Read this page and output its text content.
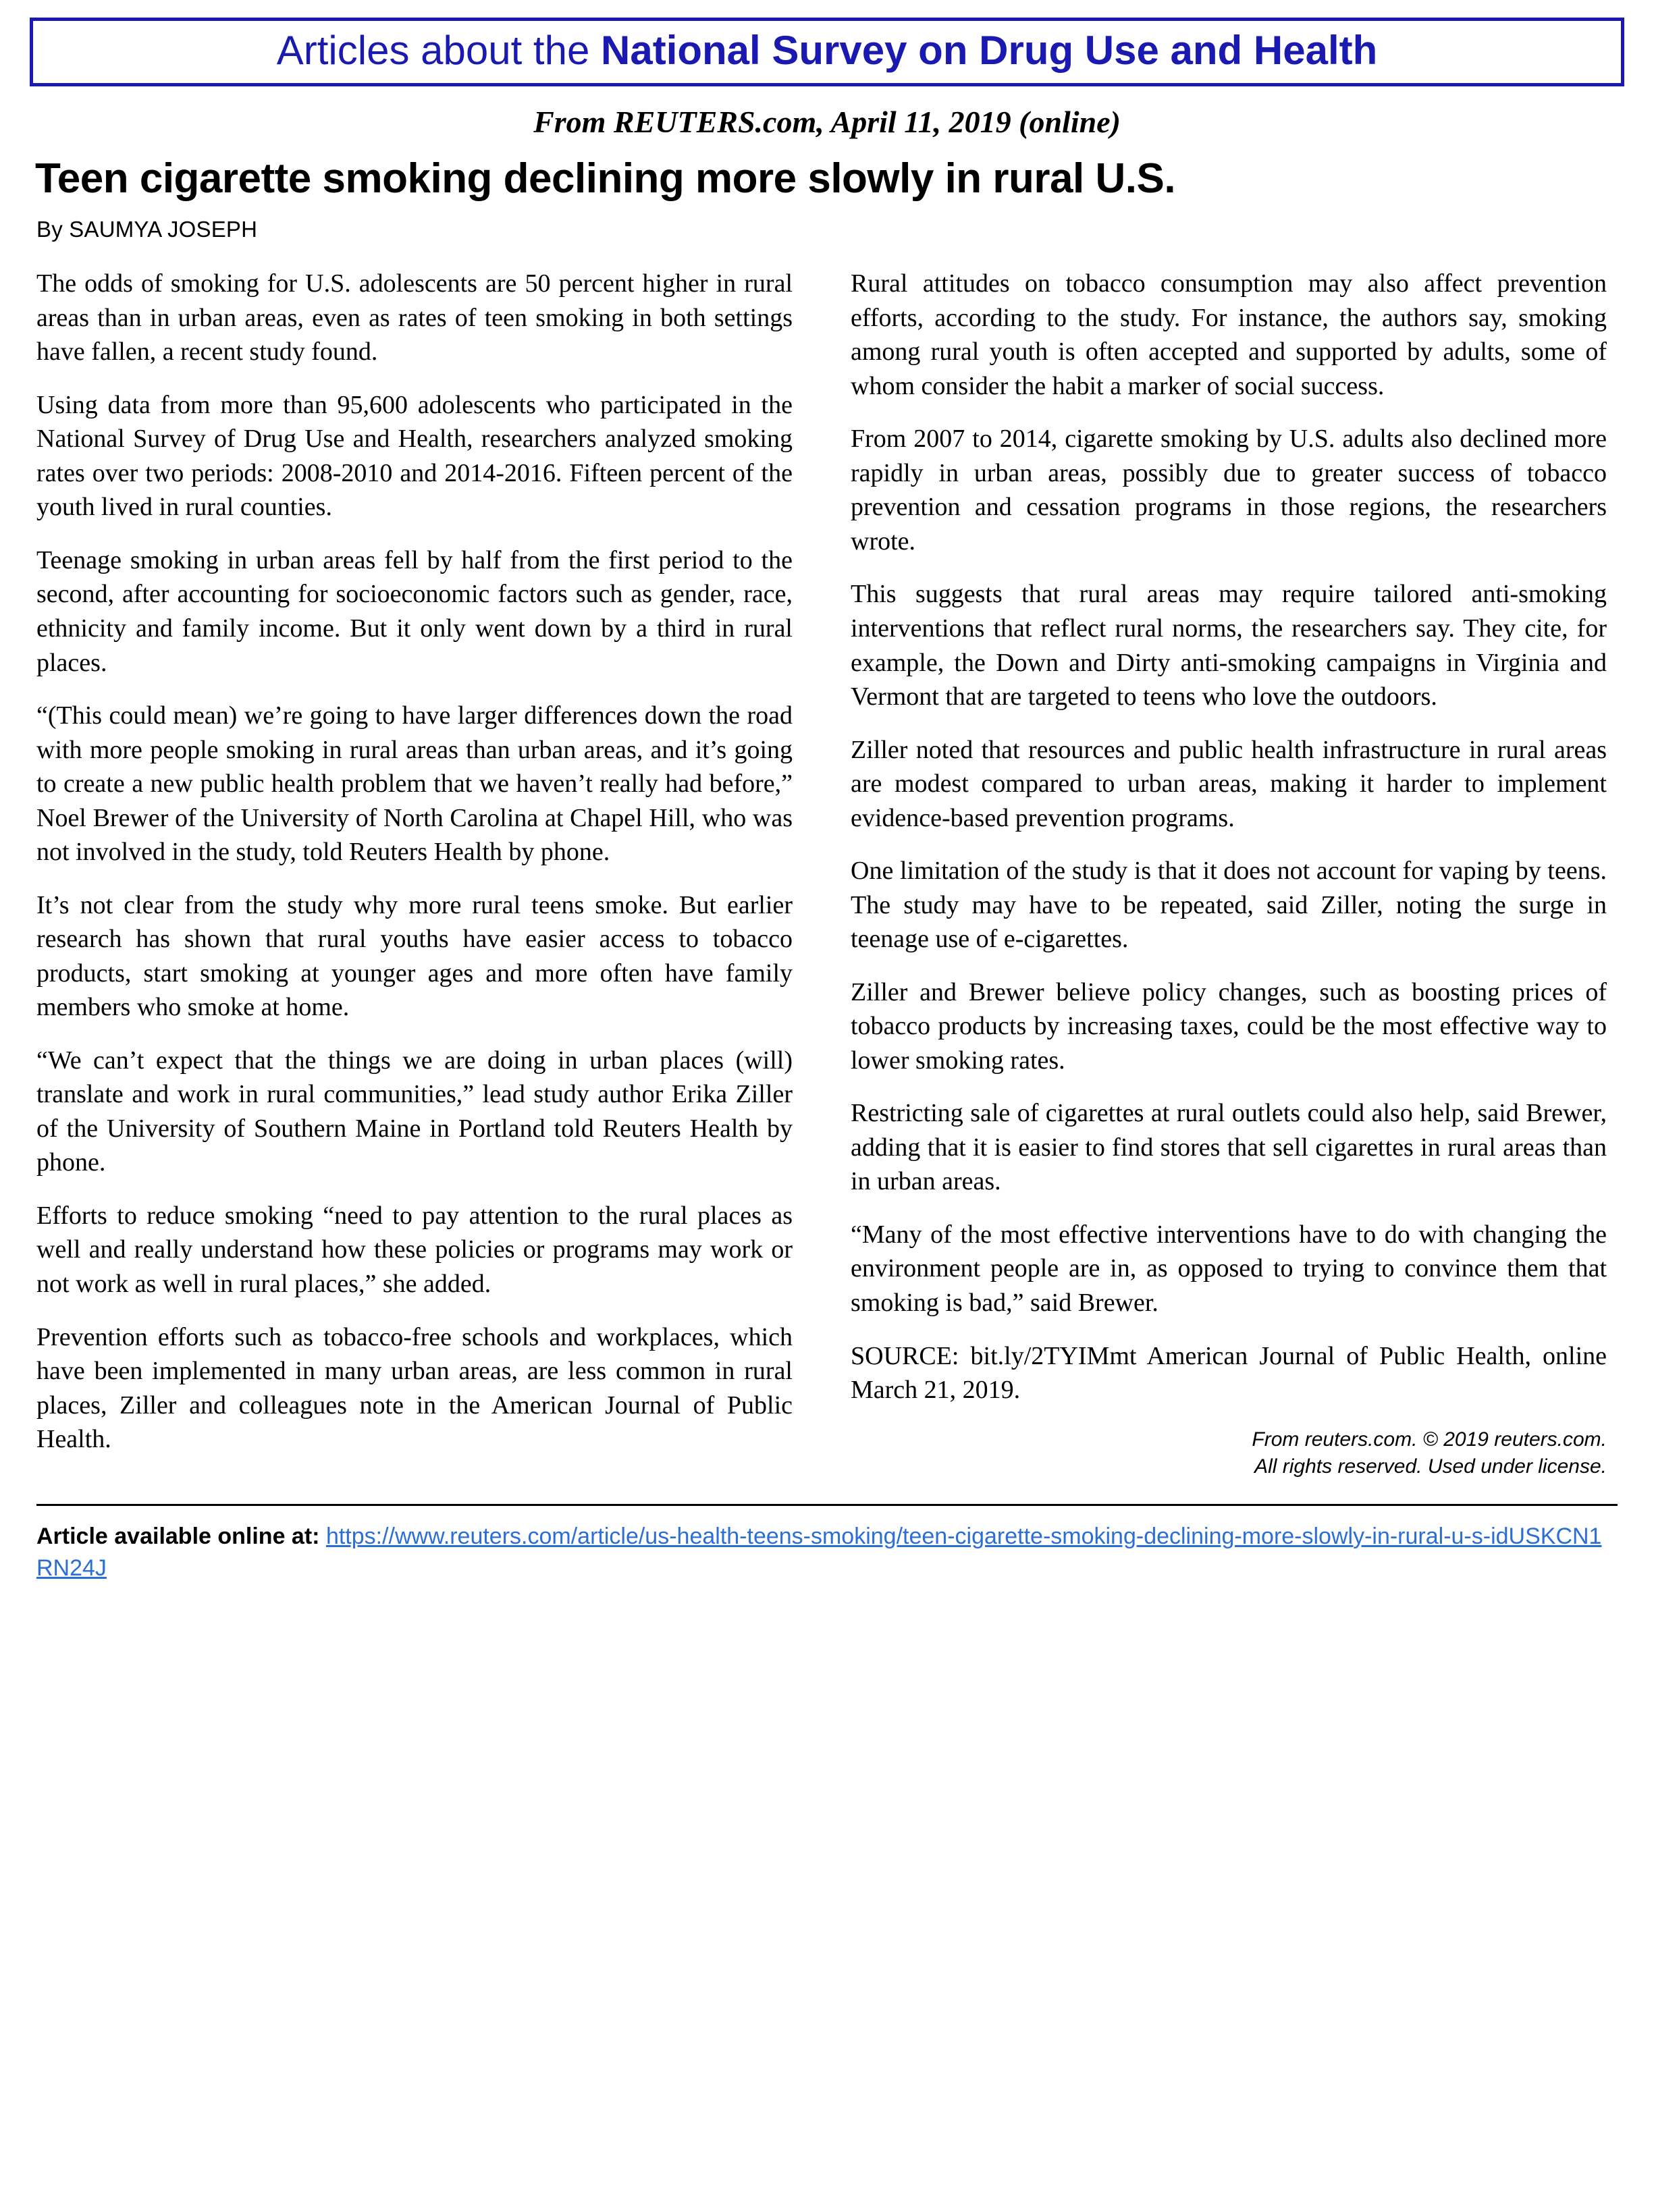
Articles about the National Survey on Drug Use and Health
From REUTERS.com, April 11, 2019 (online)
Teen cigarette smoking declining more slowly in rural U.S.
By SAUMYA JOSEPH

The odds of smoking for U.S. adolescents are 50 percent higher in rural areas than in urban areas, even as rates of teen smoking in both settings have fallen, a recent study found.

Using data from more than 95,600 adolescents who participated in the National Survey of Drug Use and Health, researchers analyzed smoking rates over two periods: 2008-2010 and 2014-2016. Fifteen percent of the youth lived in rural counties.

Teenage smoking in urban areas fell by half from the first period to the second, after accounting for socioeconomic factors such as gender, race, ethnicity and family income. But it only went down by a third in rural places.

“(This could mean) we’re going to have larger differences down the road with more people smoking in rural areas than urban areas, and it’s going to create a new public health problem that we haven’t really had before,” Noel Brewer of the University of North Carolina at Chapel Hill, who was not involved in the study, told Reuters Health by phone.

It’s not clear from the study why more rural teens smoke. But earlier research has shown that rural youths have easier access to tobacco products, start smoking at younger ages and more often have family members who smoke at home.

“We can’t expect that the things we are doing in urban places (will) translate and work in rural communities,” lead study author Erika Ziller of the University of Southern Maine in Portland told Reuters Health by phone.

Efforts to reduce smoking “need to pay attention to the rural places as well and really understand how these policies or programs may work or not work as well in rural places,” she added.

Prevention efforts such as tobacco-free schools and workplaces, which have been implemented in many urban areas, are less common in rural places, Ziller and colleagues note in the American Journal of Public Health.

Rural attitudes on tobacco consumption may also affect prevention efforts, according to the study. For instance, the authors say, smoking among rural youth is often accepted and supported by adults, some of whom consider the habit a marker of social success.

From 2007 to 2014, cigarette smoking by U.S. adults also declined more rapidly in urban areas, possibly due to greater success of tobacco prevention and cessation programs in those regions, the researchers wrote.

This suggests that rural areas may require tailored anti-smoking interventions that reflect rural norms, the researchers say. They cite, for example, the Down and Dirty anti-smoking campaigns in Virginia and Vermont that are targeted to teens who love the outdoors.

Ziller noted that resources and public health infrastructure in rural areas are modest compared to urban areas, making it harder to implement evidence-based prevention programs.

One limitation of the study is that it does not account for vaping by teens. The study may have to be repeated, said Ziller, noting the surge in teenage use of e-cigarettes.

Ziller and Brewer believe policy changes, such as boosting prices of tobacco products by increasing taxes, could be the most effective way to lower smoking rates.

Restricting sale of cigarettes at rural outlets could also help, said Brewer, adding that it is easier to find stores that sell cigarettes in rural areas than in urban areas.

“Many of the most effective interventions have to do with changing the environment people are in, as opposed to trying to convince them that smoking is bad,” said Brewer.

SOURCE: bit.ly/2TYIMmt American Journal of Public Health, online March 21, 2019.

From reuters.com. © 2019 reuters.com.
All rights reserved. Used under license.
Article available online at: https://www.reuters.com/article/us-health-teens-smoking/teen-cigarette-smoking-declining-more-slowly-in-rural-u-s-idUSKCN1RN24J
